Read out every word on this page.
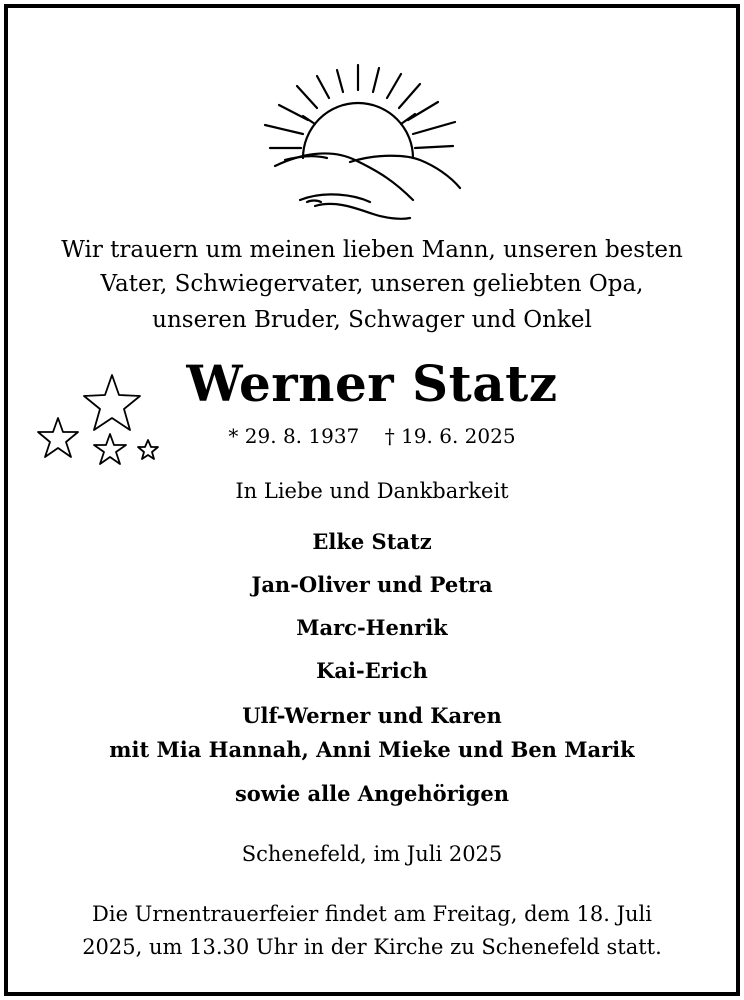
Wir trauern um meinen lieben Mann, unseren besten
Vater, Schwiegervater, unseren geliebten Opa,
unseren Bruder, Schwager und Onkel
Werner Statz
* 29. 8. 1937    † 19. 6. 2025
In Liebe und Dankbarkeit
Elke Statz
Jan-Oliver und Petra
Marc-Henrik
Kai-Erich
Ulf-Werner und Karen
mit Mia Hannah, Anni Mieke und Ben Marik
sowie alle Angehörigen
Schenefeld, im Juli 2025
Die Urnentrauerfeier findet am Freitag, dem 18. Juli
2025, um 13.30 Uhr in der Kirche zu Schenefeld statt.
